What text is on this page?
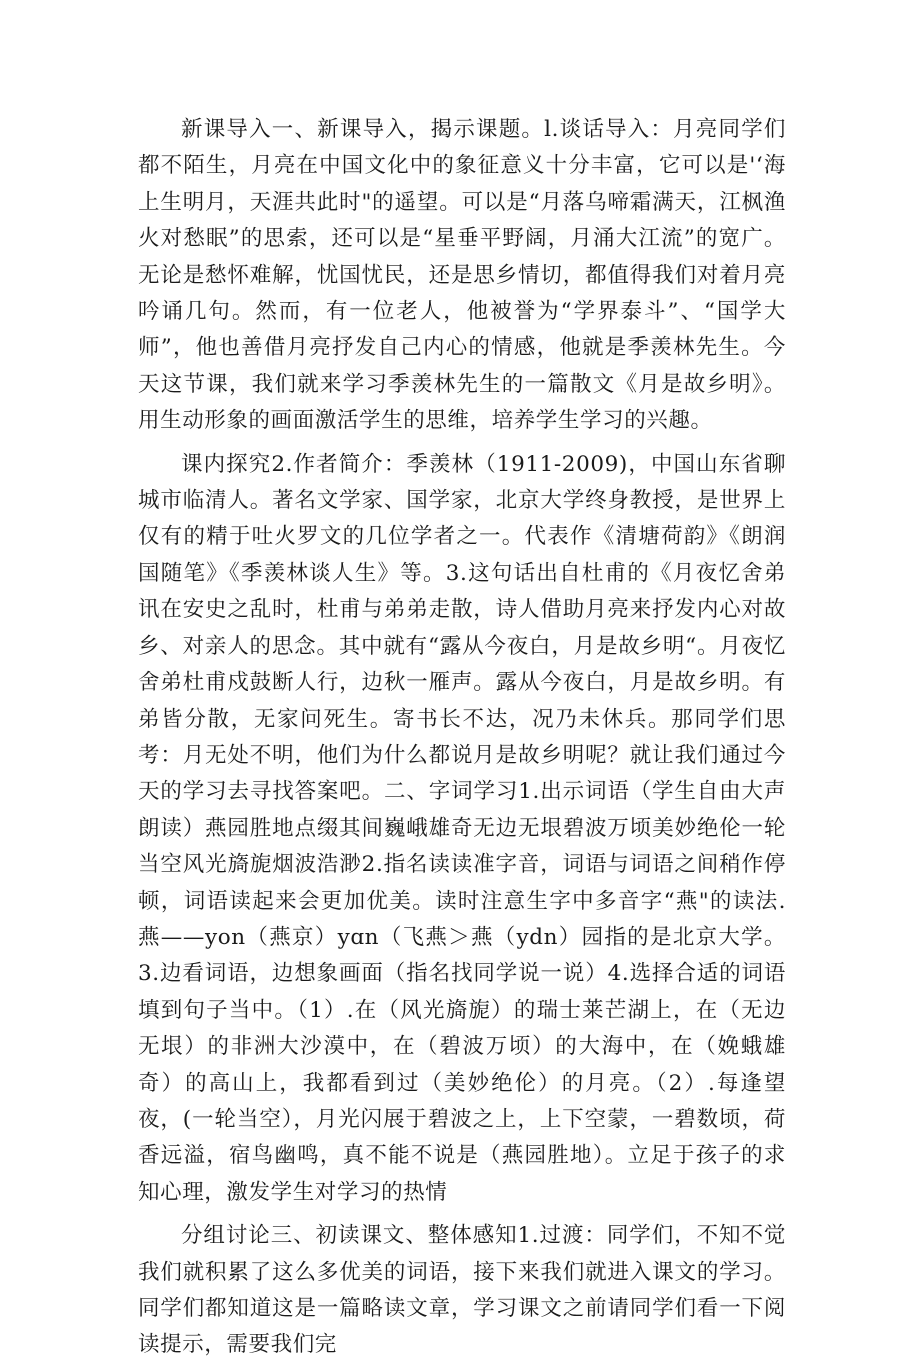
新课导入一、新课导入，揭示课题。l.谈话导入：月亮同学们都不陌生，月亮在中国文化中的象征意义十分丰富，它可以是'‘海上生明月，天涯共此时"的遥望。可以是“月落乌啼霜满天，江枫渔火对愁眠”的思索，还可以是“星垂平野阔，月涌大江流”的宽广。无论是愁怀难解，忧国忧民，还是思乡情切，都值得我们对着月亮吟诵几句。然而，有一位老人，他被誉为“学界泰斗”、“国学大师”，他也善借月亮抒发自己内心的情感，他就是季羡林先生。今天这节课，我们就来学习季羡林先生的一篇散文《月是故乡明》。用生动形象的画面激活学生的思维，培养学生学习的兴趣。

课内探究2.作者简介：季羡林（1911-2009)，中国山东省聊城市临清人。著名文学家、国学家，北京大学终身教授，是世界上仅有的精于吐火罗文的几位学者之一。代表作《清塘荷韵》《朗润国随笔》《季羡林谈人生》等。3.这句话出自杜甫的《月夜忆舍弟讯在安史之乱时，杜甫与弟弟走散，诗人借助月亮来抒发内心对故乡、对亲人的思念。其中就有“露从今夜白，月是故乡明“。月夜忆舍弟杜甫戍鼓断人行，边秋一雁声。露从今夜白，月是故乡明。有弟皆分散，无家问死生。寄书长不达，况乃未休兵。那同学们思考：月无处不明，他们为什么都说月是故乡明呢？就让我们通过今天的学习去寻找答案吧。二、字词学习1.出示词语（学生自由大声朗读）燕园胜地点缀其间巍峨雄奇无边无垠碧波万顷美妙绝伦一轮当空风光旖旎烟波浩渺2.指名读读准字音，词语与词语之间稍作停顿，词语读起来会更加优美。读时注意生字中多音字“燕"的读法.燕——yon（燕京）yɑn（飞燕＞燕（ydn）园指的是北京大学。3.边看词语，边想象画面（指名找同学说一说）4.选择合适的词语填到句子当中。（1）.在（风光旖旎）的瑞士莱芒湖上，在（无边无垠）的非洲大沙漠中，在（碧波万顷）的大海中，在（娩蛾雄奇）的高山上，我都看到过（美妙绝伦）的月亮。（2）.每逢望夜，(一轮当空），月光闪展于碧波之上，上下空蒙，一碧数顷，荷香远溢，宿鸟幽鸣，真不能不说是（燕园胜地）。立足于孩子的求知心理，激发学生对学习的热情

分组讨论三、初读课文、整体感知1.过渡：同学们，不知不觉我们就积累了这么多优美的词语，接下来我们就进入课文的学习。同学们都知道这是一篇略读文章，学习课文之前请同学们看一下阅读提示，需要我们完
